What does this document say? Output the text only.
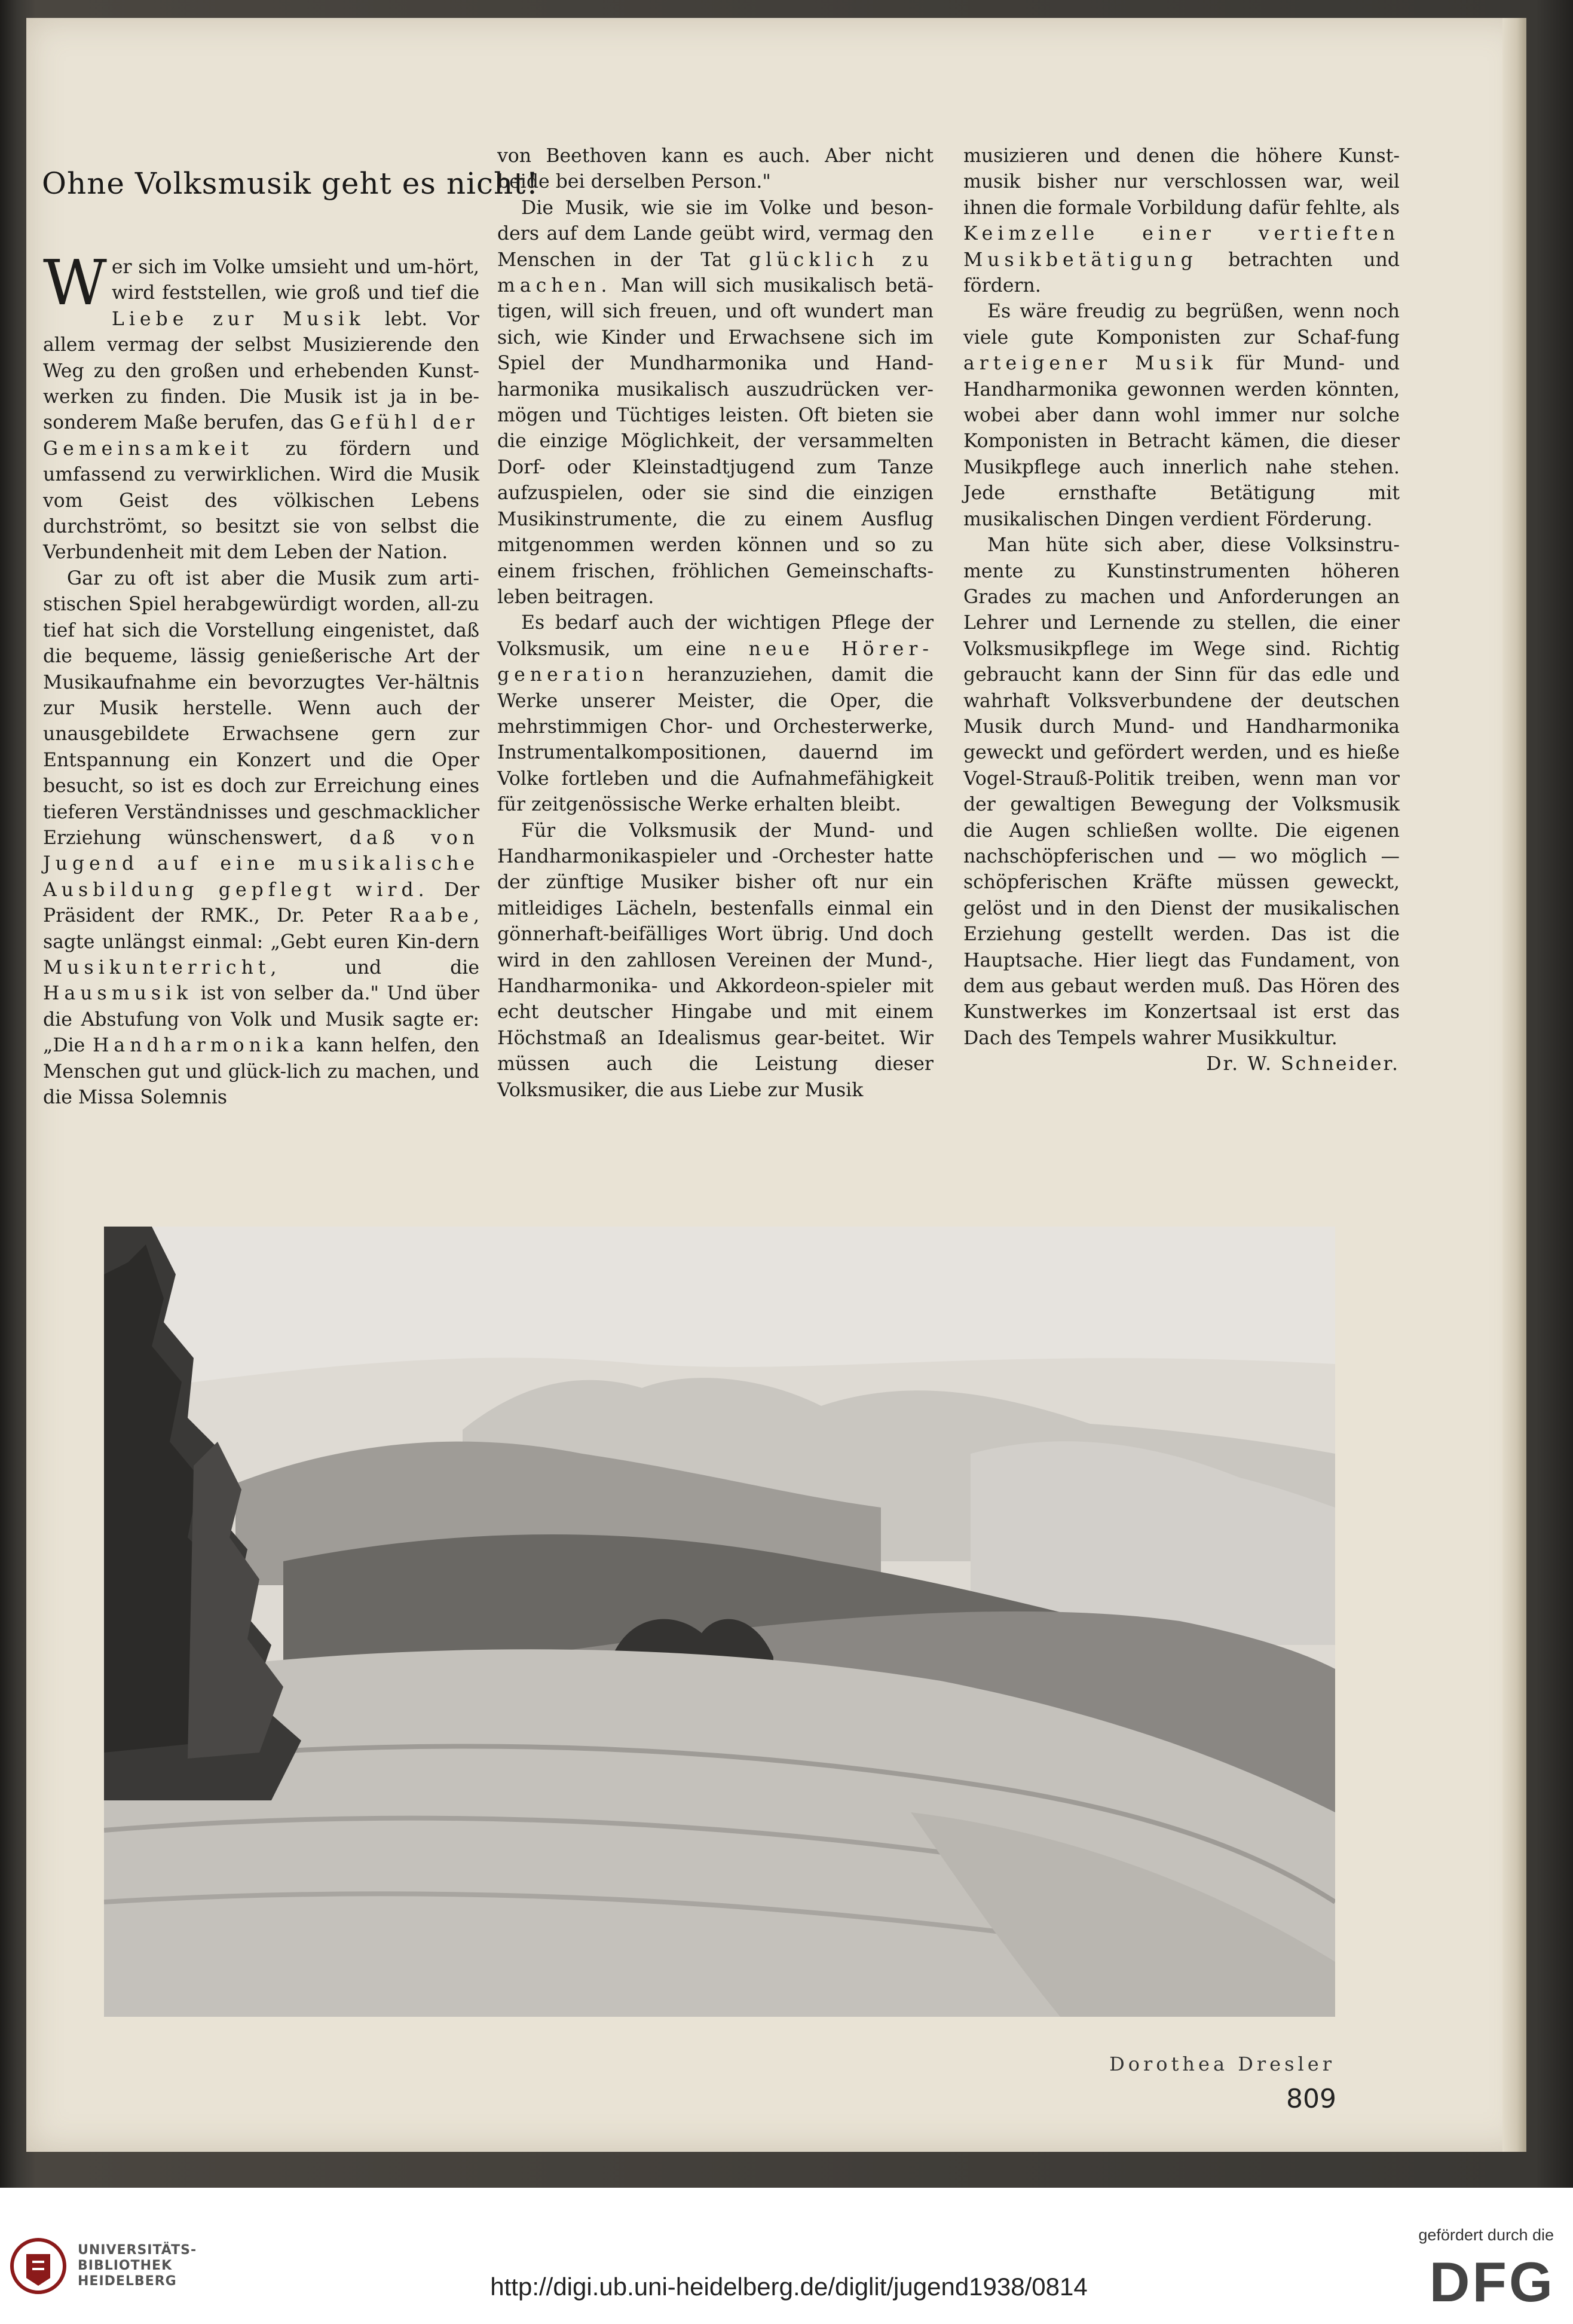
Ohne Volksmusik geht es nicht!

Wer sich im Volke umsieht und um-hört, wird feststellen, wie groß und tief die Liebe zur Musik lebt. Vor allem vermag der selbst Musizierende den Weg zu den großen und erhebenden Kunst-werken zu finden. Die Musik ist ja in be-sonderem Maße berufen, das Gefühl der Gemeinsamkeit zu fördern und umfassend zu verwirklichen. Wird die Musik vom Geist des völkischen Lebens durchströmt, so besitzt sie von selbst die Verbundenheit mit dem Leben der Nation.

Gar zu oft ist aber die Musik zum arti-stischen Spiel herabgewürdigt worden, all-zu tief hat sich die Vorstellung eingenistet, daß die bequeme, lässig genießerische Art der Musikaufnahme ein bevorzugtes Ver-hältnis zur Musik herstelle. Wenn auch der unausgebildete Erwachsene gern zur Entspannung ein Konzert und die Oper besucht, so ist es doch zur Erreichung eines tieferen Verständnisses und geschmacklicher Erziehung wünschenswert, daß von Jugend auf eine musikalische Ausbildung gepflegt wird. Der Präsident der RMK., Dr. Peter Raabe, sagte unlängst einmal: „Gebt euren Kin-dern Musikunterricht, und die Hausmusik ist von selber da." Und über die Abstufung von Volk und Musik sagte er: „Die Handharmonika kann helfen, den Menschen gut und glück-lich zu machen, und die Missa Solemnis

von Beethoven kann es auch. Aber nicht beide bei derselben Person."

Die Musik, wie sie im Volke und beson-ders auf dem Lande geübt wird, vermag den Menschen in der Tat glücklich zu machen. Man will sich musikalisch betä-tigen, will sich freuen, und oft wundert man sich, wie Kinder und Erwachsene sich im Spiel der Mundharmonika und Hand-harmonika musikalisch auszudrücken ver-mögen und Tüchtiges leisten. Oft bieten sie die einzige Möglichkeit, der versammelten Dorf- oder Kleinstadtjugend zum Tanze aufzuspielen, oder sie sind die einzigen Musikinstrumente, die zu einem Ausflug mitgenommen werden können und so zu einem frischen, fröhlichen Gemeinschafts-leben beitragen.

Es bedarf auch der wichtigen Pflege der Volksmusik, um eine neue Hörer-generation heranzuziehen, damit die Werke unserer Meister, die Oper, die mehrstimmigen Chor- und Orchesterwerke, Instrumentalkompositionen, dauernd im Volke fortleben und die Aufnahmefähigkeit für zeitgenössische Werke erhalten bleibt.

Für die Volksmusik der Mund- und Handharmonikaspieler und -Orchester hatte der zünftige Musiker bisher oft nur ein mitleidiges Lächeln, bestenfalls einmal ein gönnerhaft-beifälliges Wort übrig. Und doch wird in den zahllosen Vereinen der Mund-, Handharmonika- und Akkordeon-spieler mit echt deutscher Hingabe und mit einem Höchstmaß an Idealismus gear-beitet. Wir müssen auch die Leistung dieser Volksmusiker, die aus Liebe zur Musik

musizieren und denen die höhere Kunst-musik bisher nur verschlossen war, weil ihnen die formale Vorbildung dafür fehlte, als Keimzelle einer vertieften Musikbetätigung betrachten und fördern.

Es wäre freudig zu begrüßen, wenn noch viele gute Komponisten zur Schaf-fung arteigener Musik für Mund- und Handharmonika gewonnen werden könnten, wobei aber dann wohl immer nur solche Komponisten in Betracht kämen, die dieser Musikpflege auch innerlich nahe stehen. Jede ernsthafte Betätigung mit musikalischen Dingen verdient Förderung.

Man hüte sich aber, diese Volksinstru-mente zu Kunstinstrumenten höheren Grades zu machen und Anforderungen an Lehrer und Lernende zu stellen, die einer Volksmusikpflege im Wege sind. Richtig gebraucht kann der Sinn für das edle und wahrhaft Volksverbundene der deutschen Musik durch Mund- und Handharmonika geweckt und gefördert werden, und es hieße Vogel-Strauß-Politik treiben, wenn man vor der gewaltigen Bewegung der Volksmusik die Augen schließen wollte. Die eigenen nachschöpferischen und — wo möglich — schöpferischen Kräfte müssen geweckt, gelöst und in den Dienst der musikalischen Erziehung gestellt werden. Das ist die Hauptsache. Hier liegt das Fundament, von dem aus gebaut werden muß. Das Hören des Kunstwerkes im Konzertsaal ist erst das Dach des Tempels wahrer Musikkultur.

Dr. W. Schneider.

Dorothea Dresler
809
UNIVERSITÄTS-
BIBLIOTHEK
HEIDELBERG	http://digi.ub.uni-heidelberg.de/diglit/jugend1938/0814
gefördert durch die
DFG
